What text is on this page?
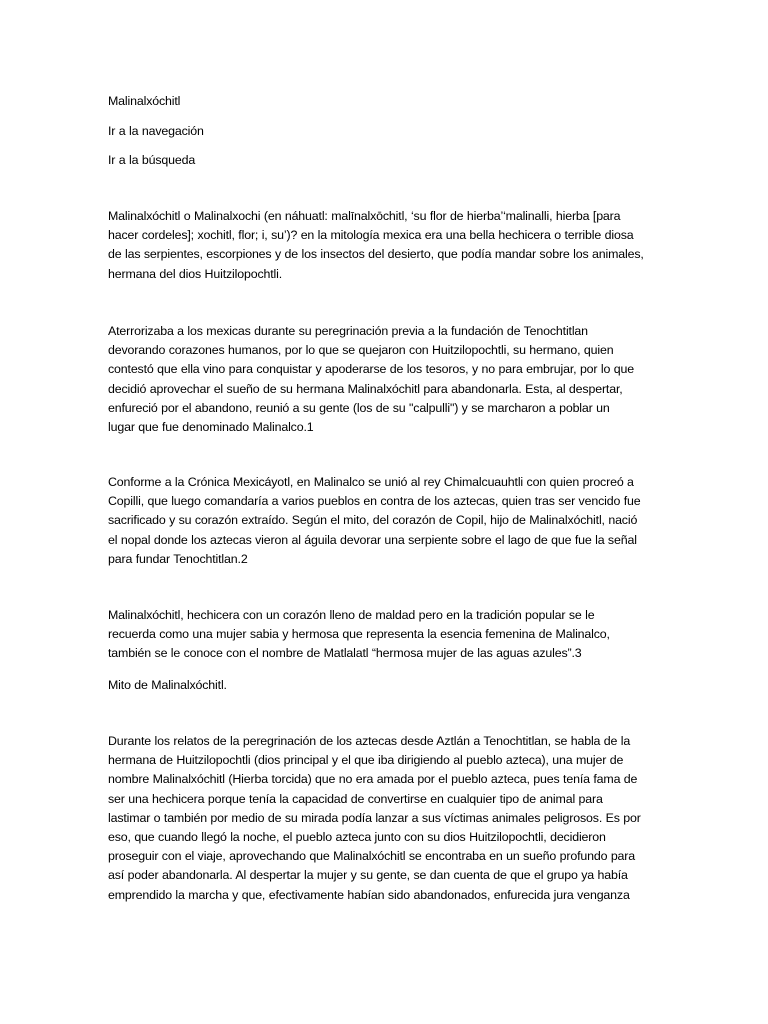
Malinalxóchitl

Ir a la navegación

Ir a la búsqueda

Malinalxóchitl o Malinalxochi (en náhuatl: malīnalxōchitl, ‘su flor de hierba’‘malinalli, hierba [para
hacer cordeles]; xochitl, flor; i, su’)? en la mitología mexica era una bella hechicera o terrible diosa
de las serpientes, escorpiones y de los insectos del desierto, que podía mandar sobre los animales,
hermana del dios Huitzilopochtli.
Aterrorizaba a los mexicas durante su peregrinación previa a la fundación de Tenochtitlan
devorando corazones humanos, por lo que se quejaron con Huitzilopochtli, su hermano, quien
contestó que ella vino para conquistar y apoderarse de los tesoros, y no para embrujar, por lo que
decidió aprovechar el sueño de su hermana Malinalxóchitl para abandonarla. Esta, al despertar,
enfureció por el abandono, reunió a su gente (los de su "calpulli") y se marcharon a poblar un
lugar que fue denominado Malinalco.1
Conforme a la Crónica Mexicáyotl, en Malinalco se unió al rey Chimalcuauhtli con quien procreó a
Copilli, que luego comandaría a varios pueblos en contra de los aztecas, quien tras ser vencido fue
sacrificado y su corazón extraído. Según el mito, del corazón de Copil, hijo de Malinalxóchitl, nació
el nopal donde los aztecas vieron al águila devorar una serpiente sobre el lago de que fue la señal
para fundar Tenochtitlan.2
Malinalxóchitl, hechicera con un corazón lleno de maldad pero en la tradición popular se le
recuerda como una mujer sabia y hermosa que representa la esencia femenina de Malinalco,
también se le conoce con el nombre de Matlalatl “hermosa mujer de las aguas azules”.3

Mito de Malinalxóchitl.

Durante los relatos de la peregrinación de los aztecas desde Aztlán a Tenochtitlan, se habla de la
hermana de Huitzilopochtli (dios principal y el que iba dirigiendo al pueblo azteca), una mujer de
nombre Malinalxóchitl (Hierba torcida) que no era amada por el pueblo azteca, pues tenía fama de
ser una hechicera porque tenía la capacidad de convertirse en cualquier tipo de animal para
lastimar o también por medio de su mirada podía lanzar a sus víctimas animales peligrosos. Es por
eso, que cuando llegó la noche, el pueblo azteca junto con su dios Huitzilopochtli, decidieron
proseguir con el viaje, aprovechando que Malinalxóchitl se encontraba en un sueño profundo para
así poder abandonarla. Al despertar la mujer y su gente, se dan cuenta de que el grupo ya había
emprendido la marcha y que, efectivamente habían sido abandonados, enfurecida jura venganza
